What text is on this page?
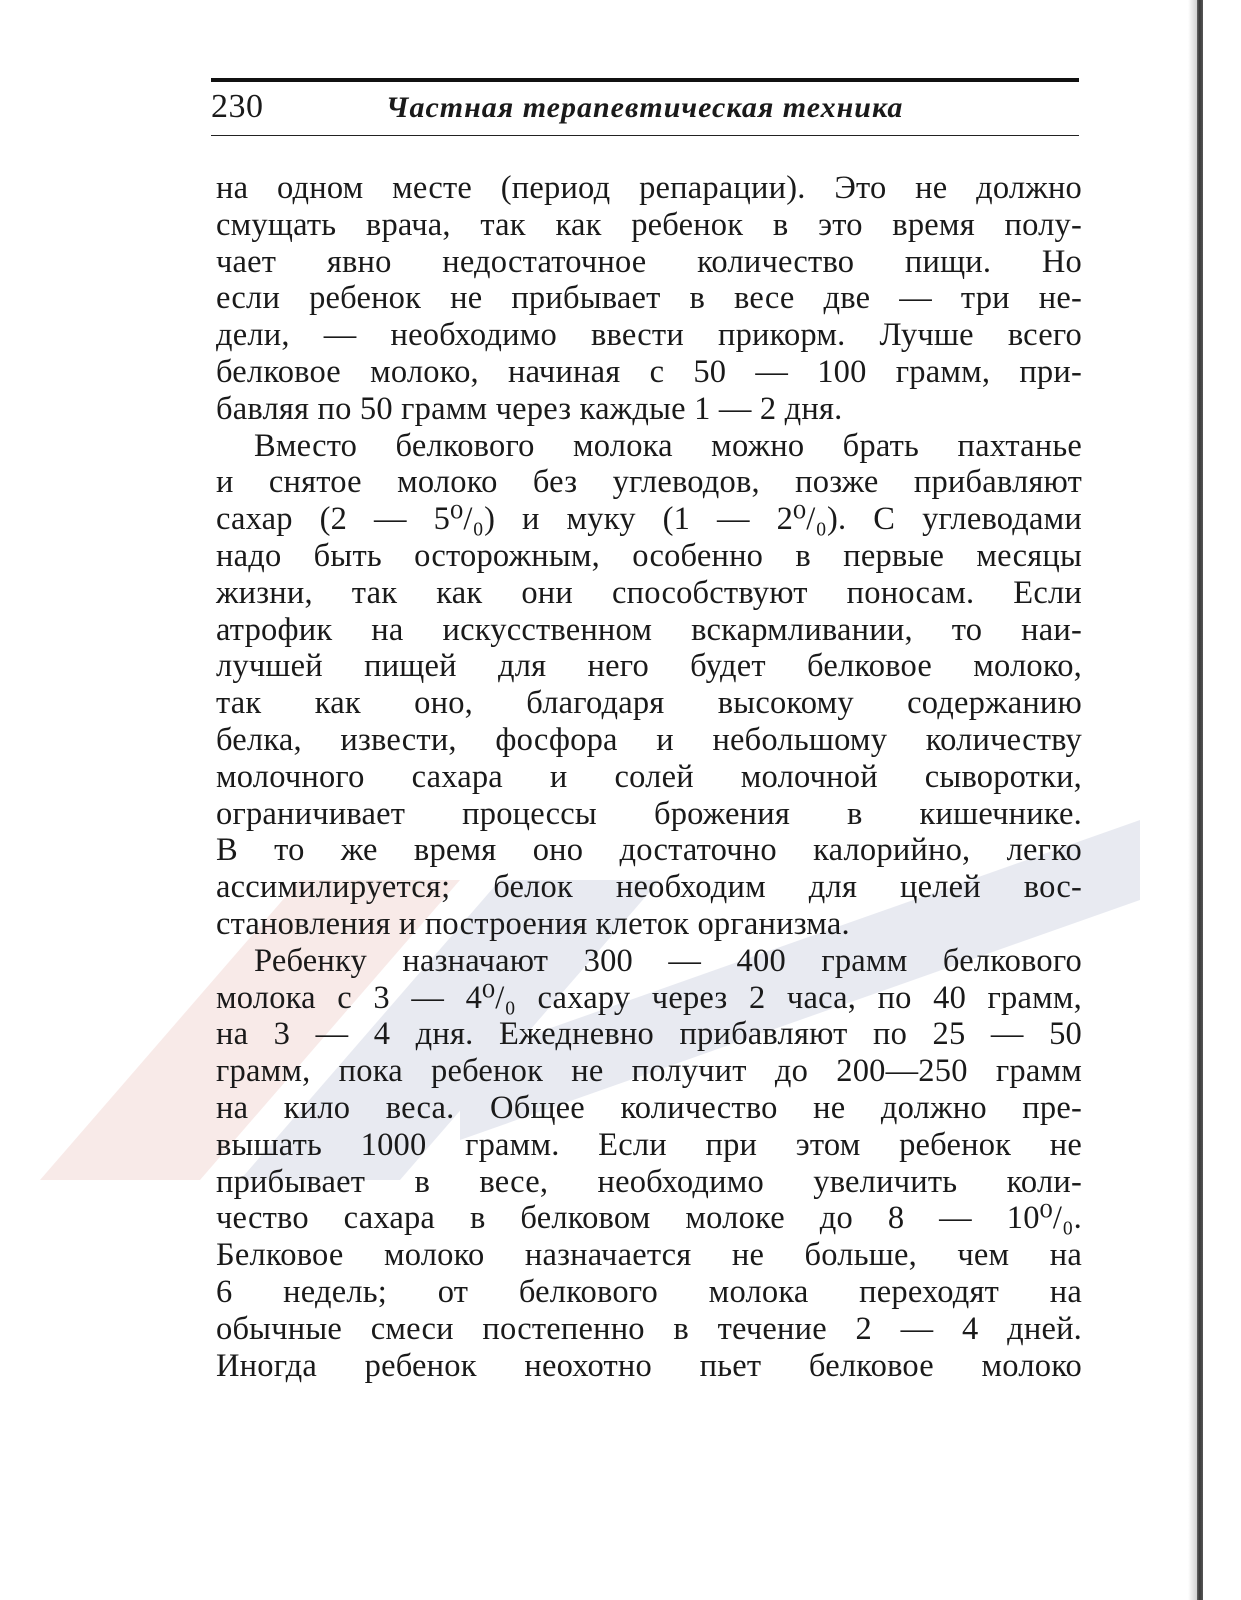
230	Частная терапевтическая техника
на одном месте (период репарации). Это не должно
смущать врача, так как ребенок в это время полу-
чает явно недостаточное количество пищи. Но
если ребенок не прибывает в весе две — три не-
дели, — необходимо ввести прикорм. Лучше всего
белковое молоко, начиная с 50 — 100 грамм, при-
бавляя по 50 грамм через каждые 1 — 2 дня.
Вместо белкового молока можно брать пахтанье
и снятое молоко без углеводов, позже прибавляют
сахар (2 — 5⁰/₀) и муку (1 — 2⁰/₀). С углеводами
надо быть осторожным, особенно в первые месяцы
жизни, так как они способствуют поносам. Если
атрофик на искусственном вскармливании, то наи-
лучшей пищей для него будет белковое молоко,
так как оно, благодаря высокому содержанию
белка, извести, фосфора и небольшому количеству
молочного сахара и солей молочной сыворотки,
ограничивает процессы брожения в кишечнике.
В то же время оно достаточно калорийно, легко
ассимилируется; белок необходим для целей вос-
становления и построения клеток организма.
Ребенку назначают 300 — 400 грамм белкового
молока с 3 — 4⁰/₀ сахару через 2 часа, по 40 грамм,
на 3 — 4 дня. Ежедневно прибавляют по 25 — 50
грамм, пока ребенок не получит до 200—250 грамм
на кило веса. Общее количество не должно пре-
вышать 1000 грамм. Если при этом ребенок не
прибывает в весе, необходимо увеличить коли-
чество сахара в белковом молоке до 8 — 10⁰/₀.
Белковое молоко назначается не больше, чем на
6 недель; от белкового молока переходят на
обычные смеси постепенно в течение 2 — 4 дней.
Иногда ребенок неохотно пьет белковое молоко
